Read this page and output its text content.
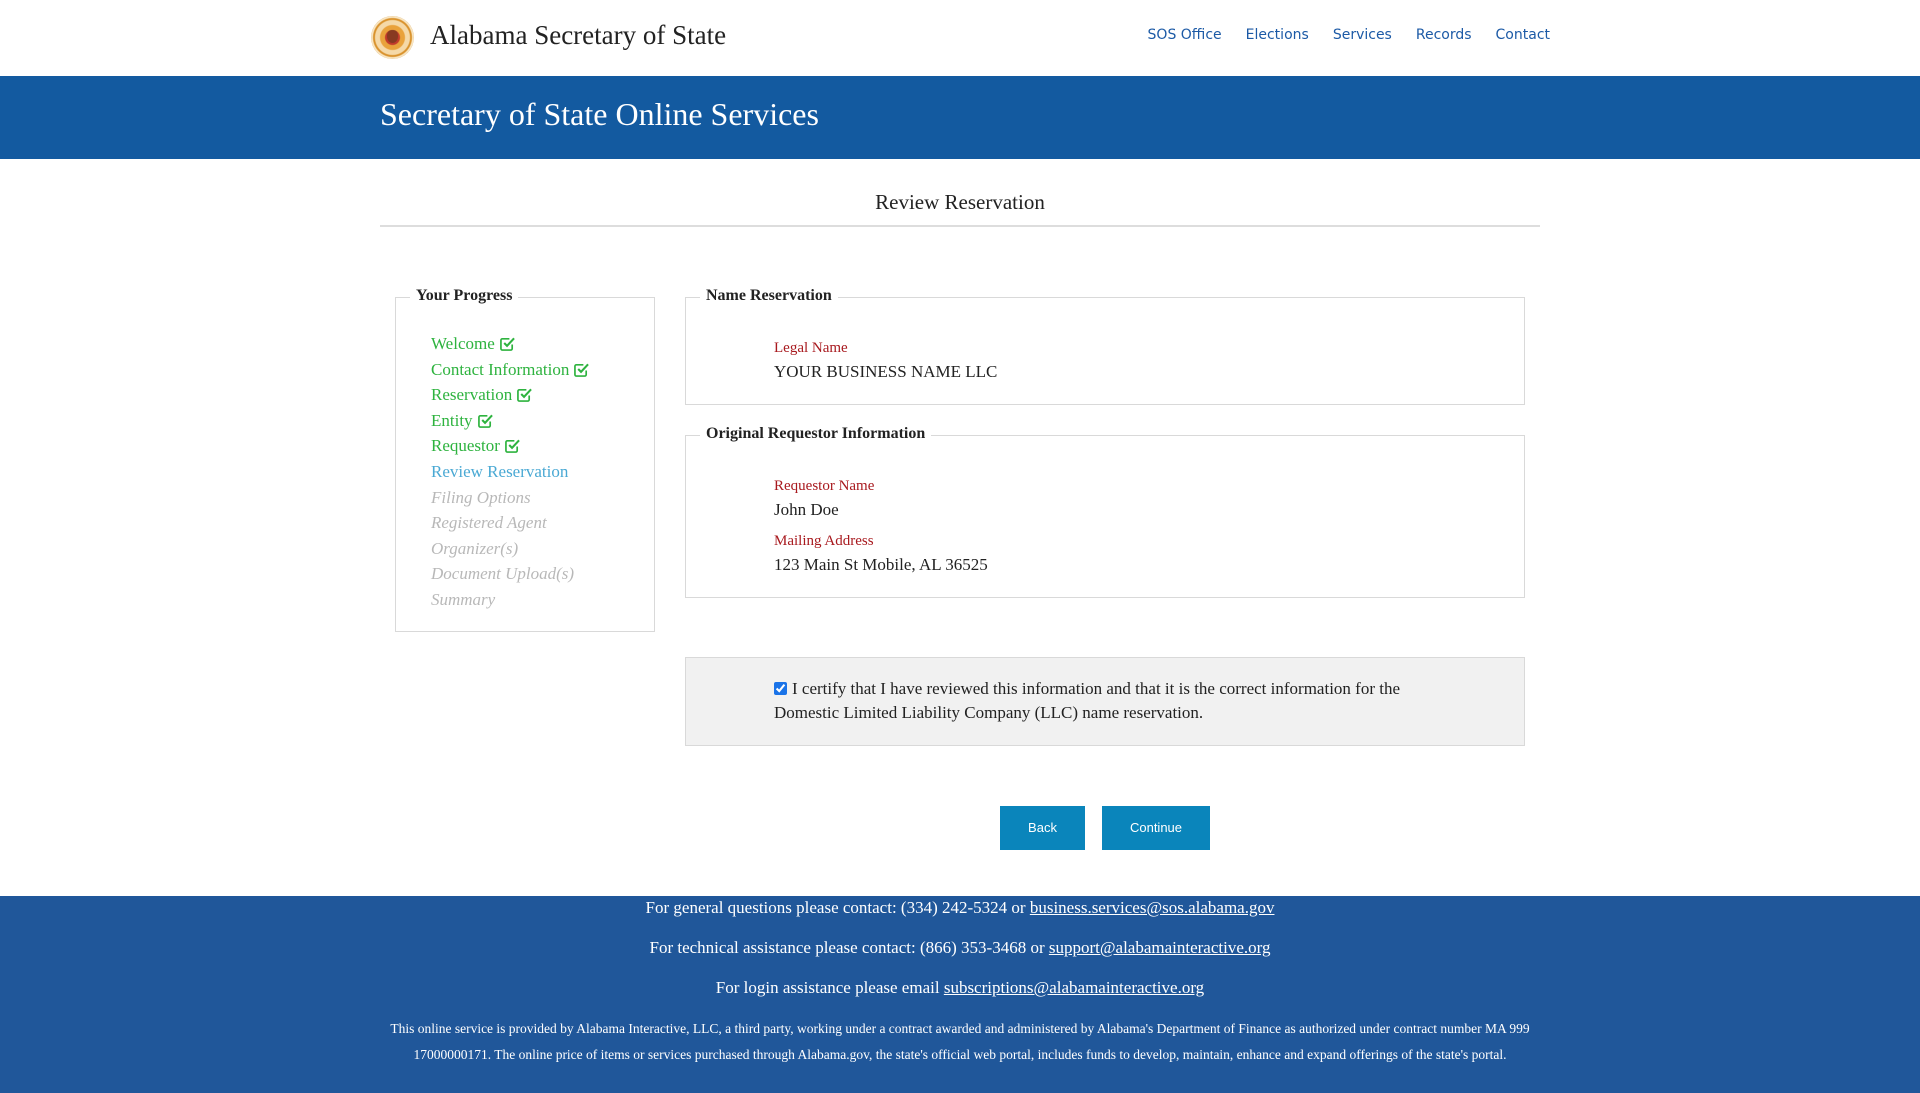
Alabama Secretary of State	SOS Office Elections Services Records Contact
Secretary of State Online Services
Review Reservation
Your Progress
Welcome
Contact Information
Reservation
Entity
Requestor
Review Reservation
Filing Options
Registered Agent
Organizer(s)
Document Upload(s)
Summary
Name Reservation
Legal Name
YOUR BUSINESS NAME LLC
Original Requestor Information
Requestor Name
John Doe
Mailing Address
123 Main St Mobile, AL 36525
I certify that I have reviewed this information and that it is the correct information for the Domestic Limited Liability Company (LLC) name reservation.
Back	Continue

For general questions please contact: (334) 242-5324 or business.services@sos.alabama.gov

For technical assistance please contact: (866) 353-3468 or support@alabamainteractive.org

For login assistance please email subscriptions@alabamainteractive.org

This online service is provided by Alabama Interactive, LLC, a third party, working under a contract awarded and administered by Alabama's Department of Finance as authorized under contract number MA 999 17000000171. The online price of items or services purchased through Alabama.gov, the state's official web portal, includes funds to develop, maintain, enhance and expand offerings of the state's portal.
